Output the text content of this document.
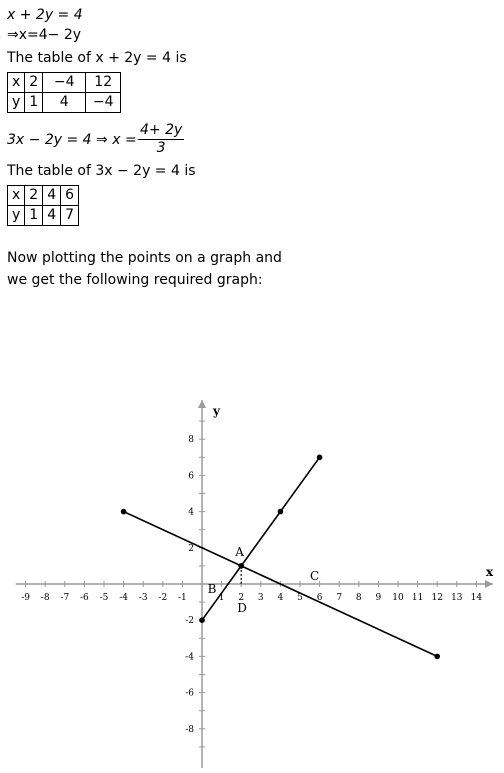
x + 2y = 4
⇒x=4− 2y
The table of x + 2y = 4 is
x	2	−4	12
y	1	4	−4
3x − 2y = 4 ⇒ $x = \frac{4+ 2y}{3}$
The table of 3x − 2y = 4 is
x	2	4	6
y	1	4	7
Now plotting the points on a graph and
we get the following required graph:
x
y
-9 -8 -7 -6 -5 -4 -3 -2 -1	1 2 3 4 5 6 7 8 9 10 11 12 13 14
8
6
4
2
-2
-4
-6
-8
A
B
C
D
